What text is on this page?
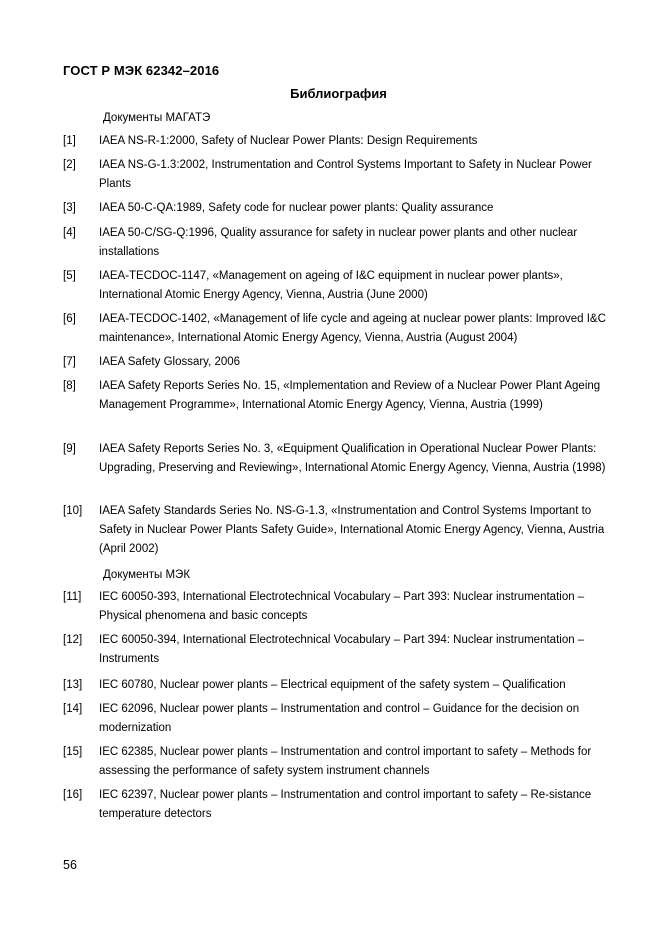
ГОСТ Р МЭК 62342–2016
Библиография
Документы МАГАТЭ
[1]	IAEA NS-R-1:2000, Safety of Nuclear Power Plants: Design Requirements
[2]	IAEA NS-G-1.3:2002, Instrumentation and Control Systems Important to Safety in Nuclear Power Plants
[3]	IAEA 50-C-QA:1989, Safety code for nuclear power plants: Quality assurance
[4]	IAEA 50-C/SG-Q:1996, Quality assurance for safety in nuclear power plants and other nuclear installations
[5]	IAEA-TECDOC-1147, «Management on ageing of I&C equipment in nuclear power plants», International Atomic Energy Agency, Vienna, Austria (June 2000)
[6]	IAEA-TECDOC-1402, «Management of life cycle and ageing at nuclear power plants: Improved I&C maintenance», International Atomic Energy Agency, Vienna, Austria (August 2004)
[7]	IAEA Safety Glossary, 2006
[8]	IAEA Safety Reports Series No. 15, «Implementation and Review of a Nuclear Power Plant Ageing Management Programme», International Atomic Energy Agency, Vienna, Austria (1999)
[9]	IAEA Safety Reports Series No. 3, «Equipment Qualification in Operational Nuclear Power Plants: Upgrading, Preserving and Reviewing», International Atomic Energy Agency, Vienna, Austria (1998)
[10]	IAEA Safety Standards Series No. NS-G-1.3, «Instrumentation and Control Systems Important to Safety in Nuclear Power Plants Safety Guide», International Atomic Energy Agency, Vienna, Austria (April 2002)
Документы МЭК
[11]	IEC 60050-393, International Electrotechnical Vocabulary – Part 393: Nuclear instrumentation – Physical phenomena and basic concepts
[12]	IEC 60050-394, International Electrotechnical Vocabulary – Part 394: Nuclear instrumentation – Instruments
[13]	IEC 60780, Nuclear power plants – Electrical equipment of the safety system – Qualification
[14]	IEC 62096, Nuclear power plants – Instrumentation and control – Guidance for the decision on modernization
[15]	IEC 62385, Nuclear power plants – Instrumentation and control important to safety – Methods for assessing the performance of safety system instrument channels
[16]	IEC 62397, Nuclear power plants – Instrumentation and control important to safety – Re-sistance temperature detectors
56
